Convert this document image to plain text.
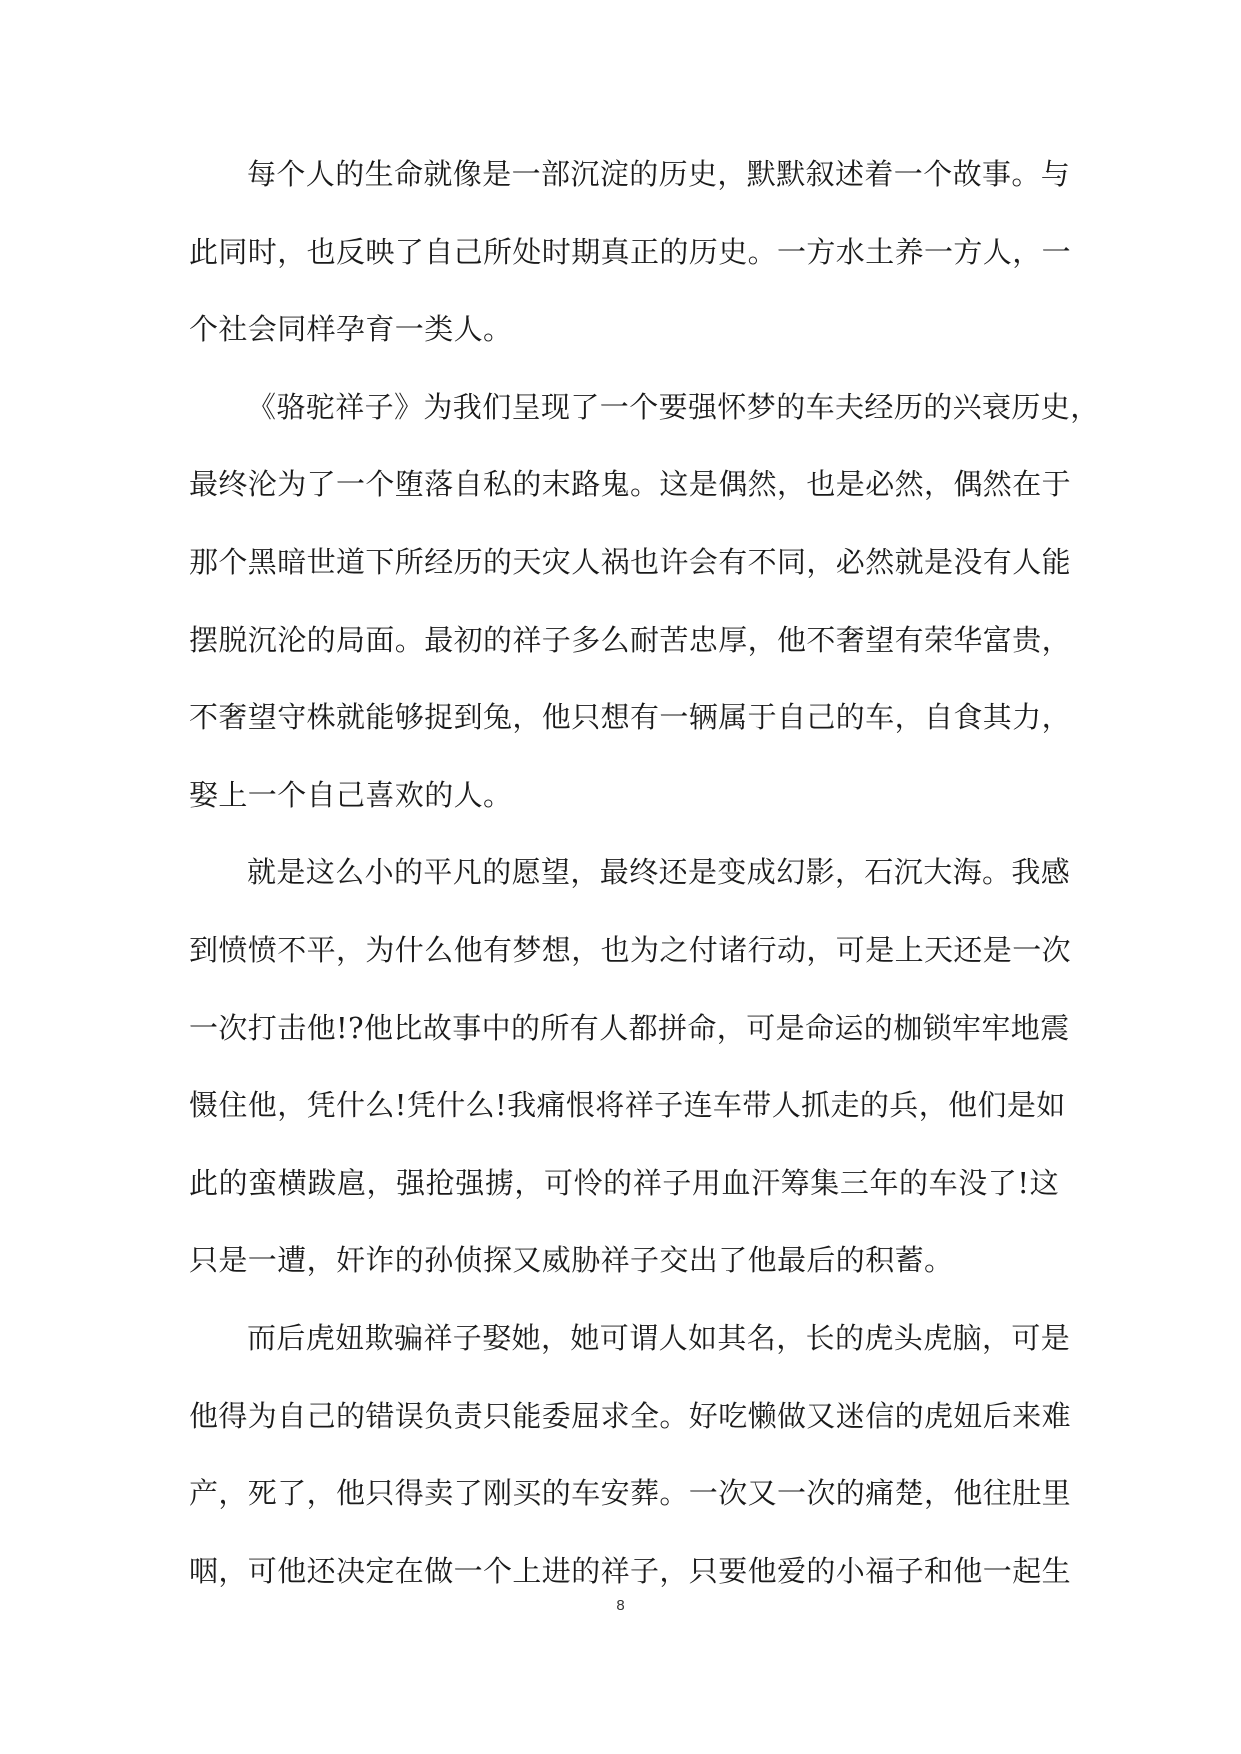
每个人的生命就像是一部沉淀的历史，默默叙述着一个故事。与
此同时，也反映了自己所处时期真正的历史。一方水土养一方人，一
个社会同样孕育一类人。
《骆驼祥子》为我们呈现了一个要强怀梦的车夫经历的兴衰历史，
最终沦为了一个堕落自私的末路鬼。这是偶然，也是必然，偶然在于
那个黑暗世道下所经历的天灾人祸也许会有不同，必然就是没有人能
摆脱沉沦的局面。最初的祥子多么耐苦忠厚，他不奢望有荣华富贵，
不奢望守株就能够捉到兔，他只想有一辆属于自己的车，自食其力，
娶上一个自己喜欢的人。
就是这么小的平凡的愿望，最终还是变成幻影，石沉大海。我感
到愤愤不平，为什么他有梦想，也为之付诸行动，可是上天还是一次
一次打击他!?他比故事中的所有人都拼命，可是命运的枷锁牢牢地震
慑住他，凭什么!凭什么!我痛恨将祥子连车带人抓走的兵，他们是如
此的蛮横跋扈，强抢强掳，可怜的祥子用血汗筹集三年的车没了!这
只是一遭，奸诈的孙侦探又威胁祥子交出了他最后的积蓄。
而后虎妞欺骗祥子娶她，她可谓人如其名，长的虎头虎脑，可是
他得为自己的错误负责只能委屈求全。好吃懒做又迷信的虎妞后来难
产，死了，他只得卖了刚买的车安葬。一次又一次的痛楚，他往肚里
咽，可他还决定在做一个上进的祥子，只要他爱的小福子和他一起生
8
